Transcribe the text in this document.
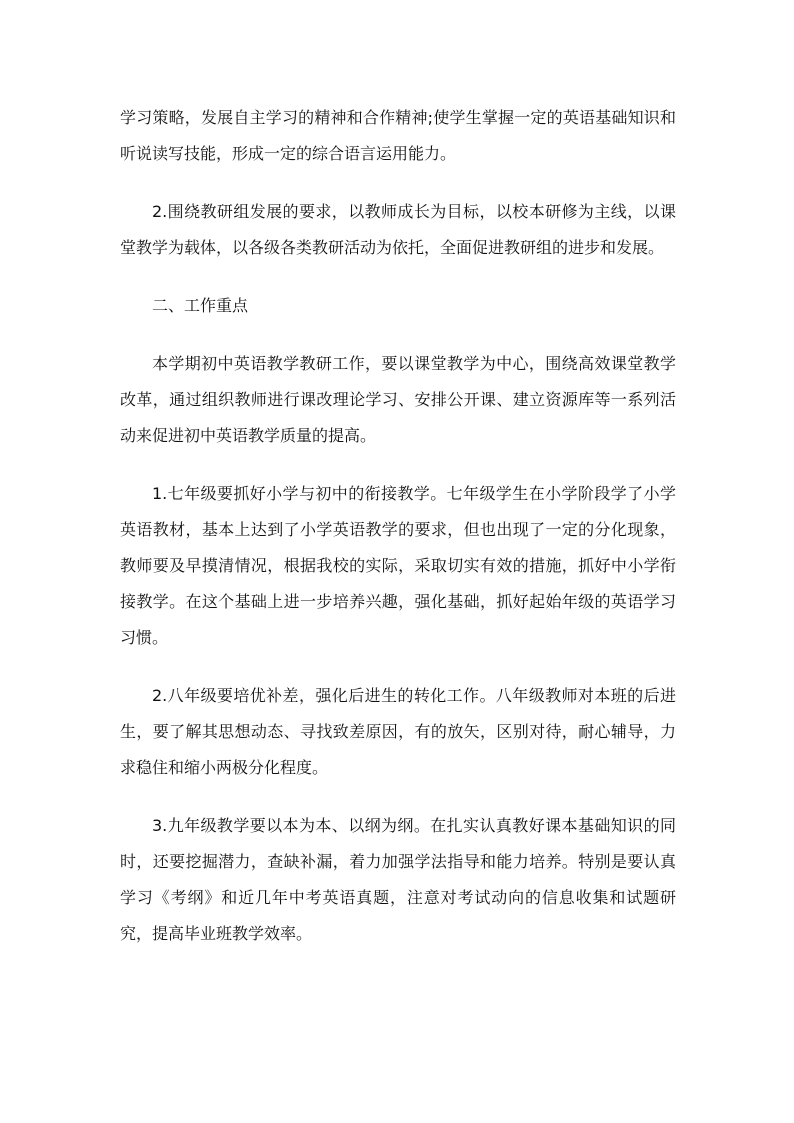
学习策略，发展自主学习的精神和合作精神;使学生掌握一定的英语基础知识和听说读写技能，形成一定的综合语言运用能力。

2.围绕教研组发展的要求，以教师成长为目标，以校本研修为主线，以课堂教学为载体，以各级各类教研活动为依托，全面促进教研组的进步和发展。

二、工作重点

本学期初中英语教学教研工作，要以课堂教学为中心，围绕高效课堂教学改革，通过组织教师进行课改理论学习、安排公开课、建立资源库等一系列活动来促进初中英语教学质量的提高。

1.七年级要抓好小学与初中的衔接教学。七年级学生在小学阶段学了小学英语教材，基本上达到了小学英语教学的要求，但也出现了一定的分化现象，教师要及早摸清情况，根据我校的实际，采取切实有效的措施，抓好中小学衔接教学。在这个基础上进一步培养兴趣，强化基础，抓好起始年级的英语学习习惯。

2.八年级要培优补差，强化后进生的转化工作。八年级教师对本班的后进生，要了解其思想动态、寻找致差原因，有的放矢，区别对待，耐心辅导，力求稳住和缩小两极分化程度。

3.九年级教学要以本为本、以纲为纲。在扎实认真教好课本基础知识的同时，还要挖掘潜力，查缺补漏，着力加强学法指导和能力培养。特别是要认真学习《考纲》和近几年中考英语真题，注意对考试动向的信息收集和试题研究，提高毕业班教学效率。
